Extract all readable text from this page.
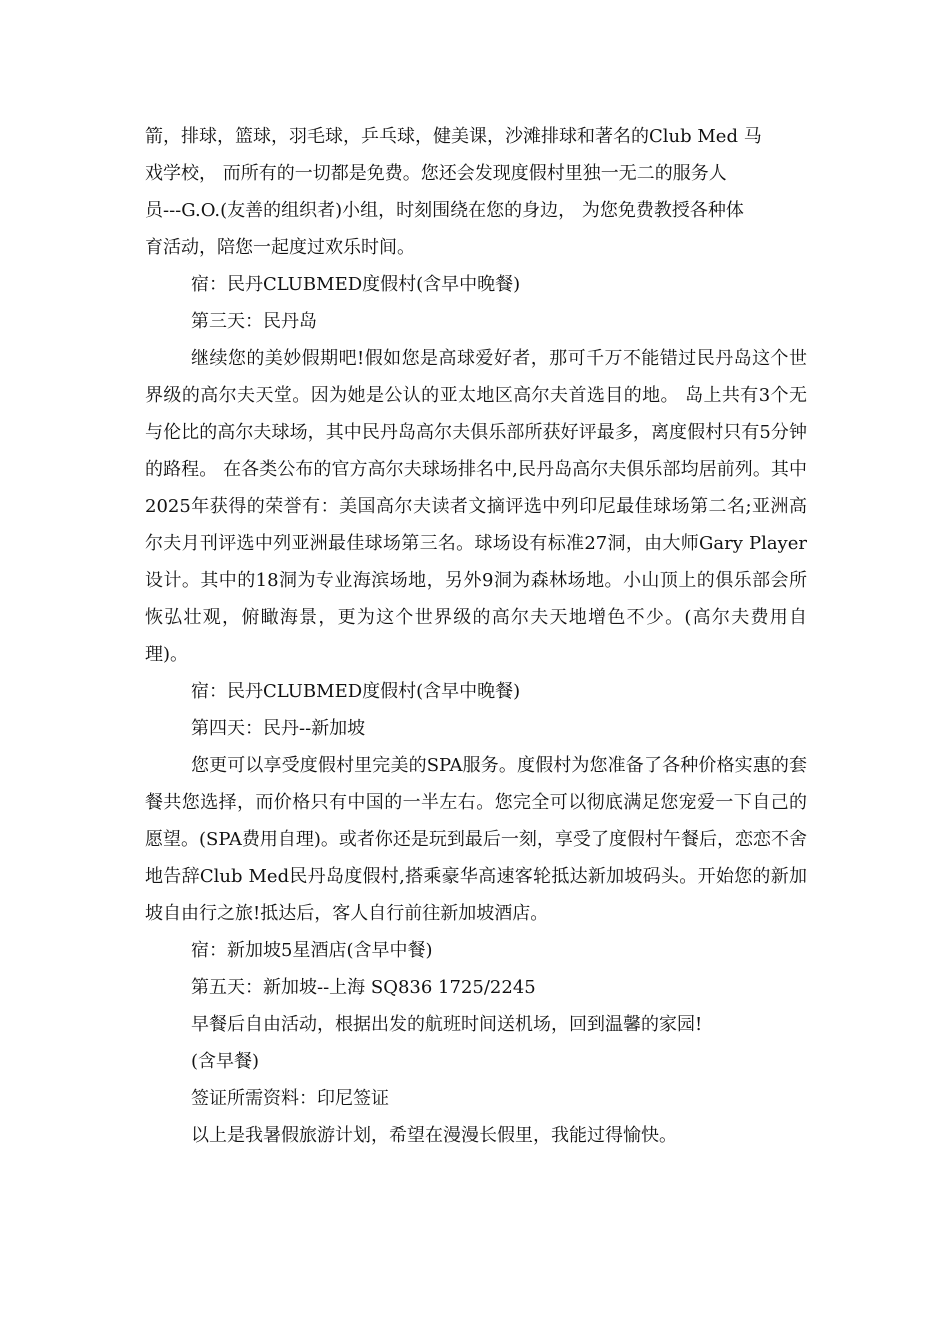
箭，排球，篮球，羽毛球，乒乓球，健美课，沙滩排球和著名的Club Med 马
戏学校， 而所有的一切都是免费。您还会发现度假村里独一无二的服务人
员---G.O.(友善的组织者)小组，时刻围绕在您的身边， 为您免费教授各种体
育活动，陪您一起度过欢乐时间。

宿：民丹CLUBMED度假村(含早中晚餐)

第三天：民丹岛

继续您的美妙假期吧!假如您是高球爱好者，那可千万不能错过民丹岛这个世界级的高尔夫天堂。因为她是公认的亚太地区高尔夫首选目的地。 岛上共有3个无与伦比的高尔夫球场，其中民丹岛高尔夫俱乐部所获好评最多，离度假村只有5分钟的路程。 在各类公布的官方高尔夫球场排名中,民丹岛高尔夫俱乐部均居前列。其中2025年获得的荣誉有：美国高尔夫读者文摘评选中列印尼最佳球场第二名;亚洲高尔夫月刊评选中列亚洲最佳球场第三名。球场设有标准27洞，由大师Gary Player设计。其中的18洞为专业海滨场地，另外9洞为森林场地。小山顶上的俱乐部会所恢弘壮观，俯瞰海景，更为这个世界级的高尔夫天地增色不少。(高尔夫费用自理)。

宿：民丹CLUBMED度假村(含早中晚餐)

第四天：民丹--新加坡

您更可以享受度假村里完美的SPA服务。度假村为您准备了各种价格实惠的套餐共您选择，而价格只有中国的一半左右。您完全可以彻底满足您宠爱一下自己的愿望。(SPA费用自理)。或者你还是玩到最后一刻，享受了度假村午餐后，恋恋不舍地告辞Club Med民丹岛度假村,搭乘豪华高速客轮抵达新加坡码头。开始您的新加坡自由行之旅!抵达后，客人自行前往新加坡酒店。

宿：新加坡5星酒店(含早中餐)

第五天：新加坡--上海 SQ836 1725/2245

早餐后自由活动，根据出发的航班时间送机场，回到温馨的家园!

(含早餐)

签证所需资料：印尼签证

以上是我暑假旅游计划，希望在漫漫长假里，我能过得愉快。
